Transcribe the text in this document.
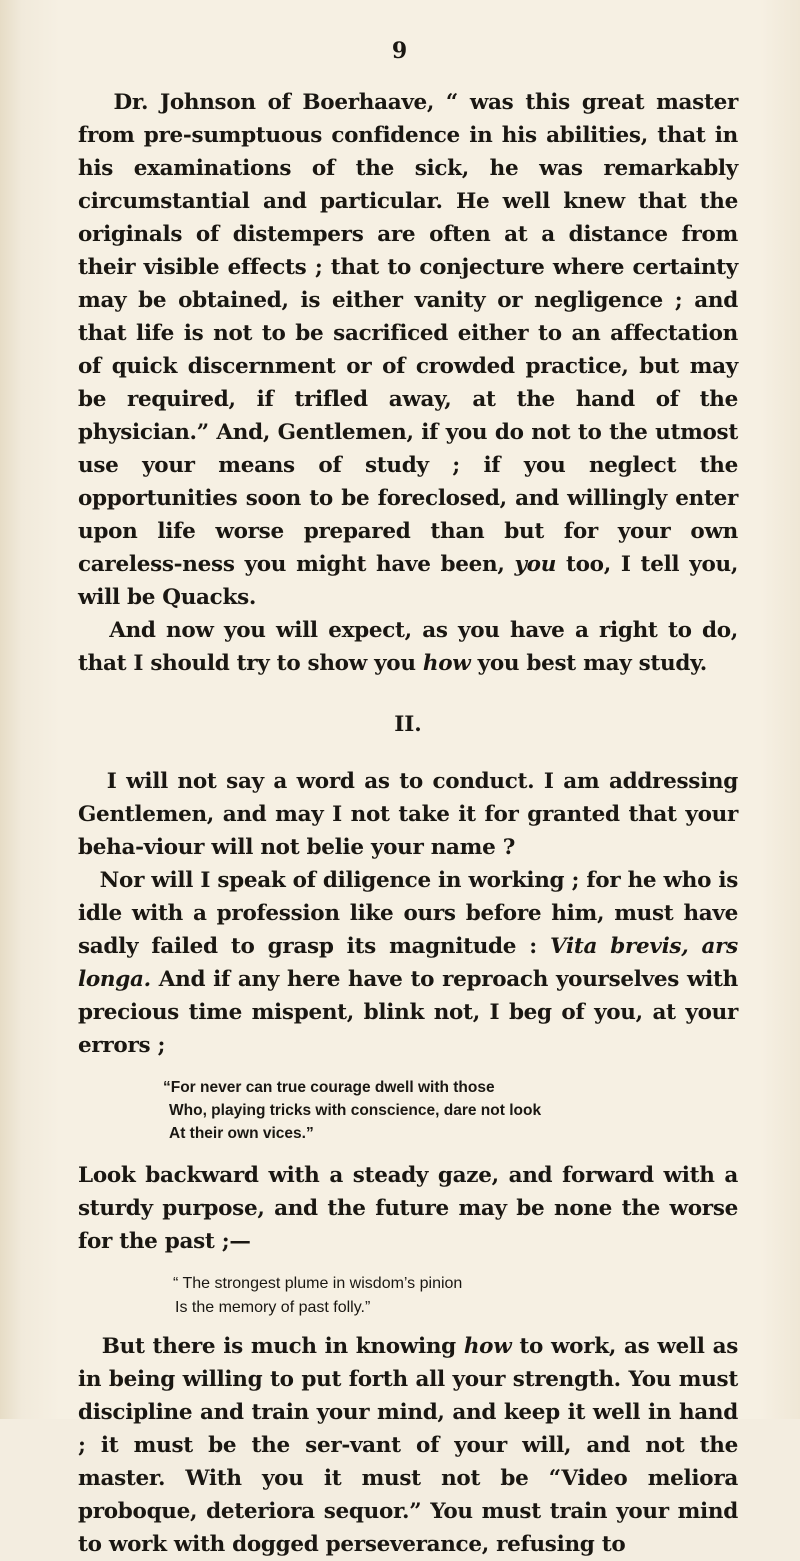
9

Dr. Johnson of Boerhaave, “ was this great master from pre-sumptuous confidence in his abilities, that in his examinations of the sick, he was remarkably circumstantial and particular. He well knew that the originals of distempers are often at a distance from their visible effects ; that to conjecture where certainty may be obtained, is either vanity or negligence ; and that life is not to be sacrificed either to an affectation of quick discernment or of crowded practice, but may be required, if trifled away, at the hand of the physician.” And, Gentlemen, if you do not to the utmost use your means of study ; if you neglect the opportunities soon to be foreclosed, and willingly enter upon life worse prepared than but for your own careless-ness you might have been, you too, I tell you, will be Quacks.

And now you will expect, as you have a right to do, that I should try to show you how you best may study.

II.

I will not say a word as to conduct. I am addressing Gentlemen, and may I not take it for granted that your beha-viour will not belie your name ?

Nor will I speak of diligence in working ; for he who is idle with a profession like ours before him, must have sadly failed to grasp its magnitude : Vita brevis, ars longa. And if any here have to reproach yourselves with precious time mispent, blink not, I beg of you, at your errors ;

“For never can true courage dwell with those
Who, playing tricks with conscience, dare not look
At their own vices.”

Look backward with a steady gaze, and forward with a sturdy purpose, and the future may be none the worse for the past ;—

“ The strongest plume in wisdom’s pinion
Is the memory of past folly.”

But there is much in knowing how to work, as well as in being willing to put forth all your strength. You must discipline and train your mind, and keep it well in hand ; it must be the ser-vant of your will, and not the master. With you it must not be “Video meliora proboque, deteriora sequor.” You must train your mind to work with dogged perseverance, refusing to
